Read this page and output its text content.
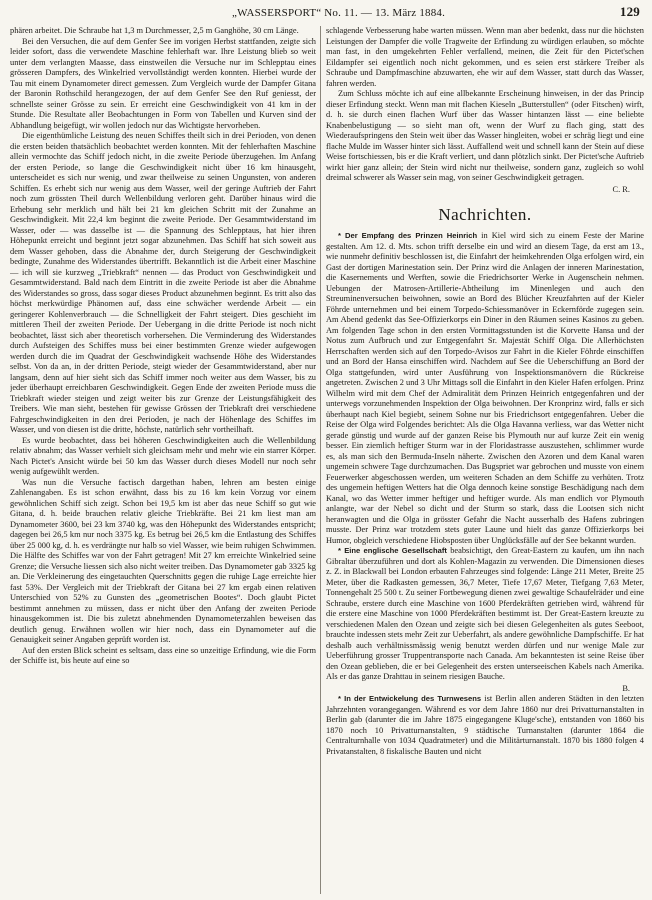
„WASSERSPORT“ No. 11. — 13. März 1884.	129

phären arbeitet. Die Schraube hat 1,3 m Durchmesser, 2,5 m Ganghöhe, 30 cm Länge.

Bei den Versuchen, die auf dem Genfer See im vorigen Herbst stattfanden, zeigte sich leider sofort, dass die verwendete Maschine fehlerhaft war. Ihre Leistung blieb so weit unter dem verlangten Maasse, dass einstweilen die Versuche nur im Schlepptau eines grösseren Dampfers, des Winkelried vervollständigt werden konnten. Hierbei wurde der Tau mit einem Dynamometer direct gemessen. Zum Vergleich wurde der Dampfer Gitana der Baronin Rothschild herangezogen, der auf dem Genfer See den Ruf geniesst, der schnellste seiner Grösse zu sein. Er erreicht eine Geschwindigkeit von 41 km in der Stunde. Die Resultate aller Beobachtungen in Form von Tabellen und Kurven sind der Abhandlung beigefügt, wir wollen jedoch nur das Wichtigste hervorheben.

Die eigenthümliche Leistung des neuen Schiffes theilt sich in drei Perioden, von denen die ersten beiden thatsächlich beobachtet werden konnten. Mit der fehlerhaften Maschine allein vermochte das Schiff jedoch nicht, in die zweite Periode überzugehen. Im Anfang der ersten Periode, so lange die Geschwindigkeit nicht über 16 km hinausgeht, unterscheidet es sich nur wenig, und zwar theilweise zu seinen Ungunsten, von anderen Schiffen. Es erhebt sich nur wenig aus dem Wasser, weil der geringe Auftrieb der Fahrt noch zum grössten Theil durch Wellenbildung verloren geht. Darüber hinaus wird die Erhebung sehr merklich und hält bei 21 km gleichen Schritt mit der Zunahme an Geschwindigkeit. Mit 22,4 km beginnt die zweite Periode. Der Gesammtwiderstand im Wasser, oder — was dasselbe ist — die Spannung des Schlepptaus, hat hier ihren Höhepunkt erreicht und beginnt jetzt sogar abzunehmen. Das Schiff hat sich soweit aus dem Wasser gehoben, dass die Abnahme der, durch Steigerung der Geschwindigkeit bedingte, Zunahme des Widerstandes übertrifft. Bekanntlich ist die Arbeit einer Maschine — ich will sie kurzweg „Triebkraft“ nennen — das Product von Geschwindigkeit und Gesammtwiderstand. Bald nach dem Eintritt in die zweite Periode ist aber die Abnahme des Widerstandes so gross, dass sogar dieses Product abzunehmen beginnt. Es tritt also das höchst merkwürdige Phänomen auf, dass eine schwächer werdende Arbeit — ein geringerer Kohlenverbrauch — die Schnelligkeit der Fahrt steigert. Dies geschieht im mittleren Theil der zweiten Periode. Der Uebergang in die dritte Periode ist noch nicht beobachtet, lässt sich aber theoretisch vorhersehen. Die Verminderung des Widerstandes durch Aufsteigen des Schiffes muss bei einer bestimmten Grenze wieder aufgewogen werden durch die im Quadrat der Geschwindigkeit wachsende Höhe des Widerstandes selbst. Von da an, in der dritten Periode, steigt wieder der Gesammtwiderstand, aber nur langsam, denn auf hier sieht sich das Schiff immer noch weiter aus dem Wasser, bis zu jeder überhaupt erreichbaren Geschwindigkeit. Gegen Ende der zweiten Periode muss die Triebkraft wieder steigen und zeigt weiter bis zur Grenze der Leistungsfähigkeit des Treibers. Wie man sieht, bestehen für gewisse Grössen der Triebkraft drei verschiedene Fahrgeschwindigkeiten in den drei Perioden, je nach der Höhenlage des Schiffes im Wasser, und von diesen ist die dritte, höchste, natürlich sehr vortheilhaft.

Es wurde beobachtet, dass bei höheren Geschwindigkeiten auch die Wellenbildung relativ abnahm; das Wasser verhielt sich gleichsam mehr und mehr wie ein starrer Körper. Nach Pictet's Ansicht würde bei 50 km das Wasser durch dieses Modell nur noch sehr wenig aufgewühlt werden.

Was nun die Versuche factisch dargethan haben, lehren am besten einige Zahlenangaben. Es ist schon erwähnt, dass bis zu 16 km kein Vorzug vor einem gewöhnlichen Schiff sich zeigt. Schon bei 19,5 km ist aber das neue Schiff so gut wie Gitana, d. h. beide brauchen relativ gleiche Triebkräfte. Bei 21 km liest man am Dynamometer 3600, bei 23 km 3740 kg, was den Höhepunkt des Widerstandes entspricht; dagegen bei 26,5 km nur noch 3375 kg. Es betrug bei 26,5 km die Entlastung des Schiffes über 25 000 kg, d. h. es verdrängte nur halb so viel Wasser, wie beim ruhigen Schwimmen. Die Hälfte des Schiffes war von der Fahrt getragen! Mit 27 km erreichte Winkelried seine Grenze; die Versuche liessen sich also nicht weiter treiben. Das Dynamometer gab 3325 kg an. Die Verkleinerung des eingetauchten Querschnitts gegen die ruhige Lage erreichte hier fast 53%. Der Vergleich mit der Triebkraft der Gitana bei 27 km ergab einen relativen Unterschied von 52% zu Gunsten des „geometrischen Bootes“. Doch glaubt Pictet bestimmt annehmen zu müssen, dass er nicht über den Anfang der zweiten Periode hinausgekommen ist. Die bis zuletzt abnehmenden Dynamometerzahlen beweisen das deutlich genug. Erwähnen wollen wir hier noch, dass ein Dynamometer auf die Genauigkeit seiner Angaben geprüft worden ist.

Auf den ersten Blick scheint es seltsam, dass eine so unzeitige Erfindung, wie die Form der Schiffe ist, bis heute auf eine so

schlagende Verbesserung habe warten müssen. Wenn man aber bedenkt, dass nur die höchsten Leistungen der Dampfer die volle Tragweite der Erfindung zu würdigen erlauben, so möchte man fast, in den umgekehrten Fehler verfallend, meinen, die Zeit für den Pictet'schen Eildampfer sei eigentlich noch nicht gekommen, und es seien erst stärkere Treiber als Schraube und Dampfmaschine abzuwarten, ehe wir auf dem Wasser, statt durch das Wasser, fahren werden.

Zum Schluss möchte ich auf eine allbekannte Erscheinung hinweisen, in der das Princip dieser Erfindung steckt. Wenn man mit flachen Kieseln „Butterstullen“ (oder Fitschen) wirft, d. h. sie durch einen flachen Wurf über das Wasser hintanzen lässt — eine beliebte Knabenbelustigung — so sieht man oft, wenn der Wurf zu flach ging, statt des Wiederaufspringens den Stein weit über das Wasser hingleiten, wobei er schräg liegt und eine flache Mulde im Wasser hinter sich lässt. Auffallend weit und schnell kann der Stein auf diese Weise fortschiessen, bis er die Kraft verliert, und dann plötzlich sinkt. Der Pictet'sche Auftrieb wirkt hier ganz allein; der Stein wird nicht nur theilweise, sondern ganz, zugleich so wohl dreimal schwerer als Wasser sein mag, von seiner Geschwindigkeit getragen.

C. R.
Nachrichten.

* Der Empfang des Prinzen Heinrich in Kiel wird sich zu einem Feste der Marine gestalten. Am 12. d. Mts. schon trifft derselbe ein und wird an diesem Tage, da erst am 13., wie nunmehr definitiv beschlossen ist, die Einfahrt der heimkehrenden Olga erfolgen wird, ein Gast der dortigen Marinestation sein. Der Prinz wird die Anlagen der inneren Marinestation, die Kasernements und Werften, sowie die Friedrichsorter Werke in Augenschein nehmen. Uebungen der Matrosen-Artillerie-Abtheilung im Minenlegen und auch den Streuminenversuchen beiwohnen, sowie an Bord des Blücher Kreuzfahrten auf der Kieler Föhrde unternehmen und bei einem Torpedo-Schiessmanöver in Eckernförde zugegen sein. Am Abend gedenkt das See-Offizierkorps ein Diner in den Räumen seines Kasinos zu geben. Am folgenden Tage schon in den ersten Vormittagsstunden ist die Korvette Hansa und der Notus zum Aufbruch und zur Entgegenfahrt Sr. Majestät Schiff Olga. Die Allerhöchsten Herrschaften werden sich auf den Torpedo-Avisos zur Fahrt in die Kieler Föhrde einschiffen und an Bord der Hansa einschiffen wird. Nachdem auf See die Ueberschiffung an Bord der Olga stattgefunden, wird unter Ausführung von Inspektionsmanövern die Rückreise angetreten. Zwischen 2 und 3 Uhr Mittags soll die Einfahrt in den Kieler Hafen erfolgen. Prinz Wilhelm wird mit dem Chef der Admiralität dem Prinzen Heinrich entgegenfahren und der unterwegs vorzunehmenden Inspektion der Olga beiwohnen. Der Kronprinz wird, falls er sich überhaupt nach Kiel begiebt, seinem Sohne nur bis Friedrichsort entgegenfahren. Ueber die Reise der Olga wird Folgendes berichtet: Als die Olga Havanna verliess, war das Wetter nicht gerade günstig und wurde auf der ganzen Reise bis Plymouth nur auf kurze Zeit ein wenig besser. Ein ziemlich heftiger Sturm war in der Floridastrasse auszustehen, schlimmer wurde es, als man sich den Bermuda-Inseln näherte. Zwischen den Azoren und dem Kanal waren ungemein schwere Tage durchzumachen. Das Bugspriet war gebrochen und musste von einem Feuerwerker abgeschossen werden, um weiteren Schaden an dem Schiffe zu verhüten. Trotz des ungemein heftigen Wetters hat die Olga dennoch keine sonstige Beschädigung nach dem Kanal, wo das Wetter immer heftiger und heftiger wurde. Als man endlich vor Plymouth anlangte, war der Nebel so dicht und der Sturm so stark, dass die Lootsen sich nicht heranwagten und die Olga in grösster Gefahr die Nacht ausserhalb des Hafens zubringen musste. Der Prinz war trotzdem stets guter Laune und hielt das ganze Offizierkorps bei Humor, obgleich verschiedene Hiobsposten über Unglücksfälle auf der See bekannt wurden.

* Eine englische Gesellschaft beabsichtigt, den Great-Eastern zu kaufen, um ihn nach Gibraltar überzuführen und dort als Kohlen-Magazin zu verwenden. Die Dimensionen dieses z. Z. in Blackwall bei London erbauten Fahrzeuges sind folgende: Länge 211 Meter, Breite 25 Meter, über die Radkasten gemessen, 36,7 Meter, Tiefe 17,67 Meter, Tiefgang 7,63 Meter, Tonnengehalt 25 500 t. Zu seiner Fortbewegung dienen zwei gewaltige Schaufelräder und eine Schraube, erstere durch eine Maschine von 1600 Pferdekräften getrieben wird, während für die erstere eine Maschine von 1000 Pferdekräften bestimmt ist. Der Great-Eastern kreuzte zu verschiedenen Malen den Ozean und zeigte sich bei diesen Gelegenheiten als gutes Seeboot, brauchte indessen stets mehr Zeit zur Ueberfahrt, als andere gewöhnliche Dampfschiffe. Er hat deshalb auch verhältnissmässig wenig benutzt werden dürfen und nur wenige Male zur Ueberführung grosser Truppentransporte nach Canada. Am bekanntesten ist seine Reise über den Ozean geblieben, die er bei Gelegenheit des ersten unterseeischen Kabels nach Amerika. Als er das ganze Drahttau in seinem riesigen Bauche.

B.

* In der Entwickelung des Turnwesens ist Berlin allen anderen Städten in den letzten Jahrzehnten vorangegangen. Während es vor dem Jahre 1860 nur drei Privatturnanstalten in Berlin gab (darunter die im Jahre 1875 eingegangene Kluge'sche), entstanden von 1860 bis 1870 noch 10 Privatturnanstalten, 9 städtische Turnanstalten (darunter 1864 die Centralturnhalle von 1034 Quadratmeter) und die Militärturnanstalt. 1870 bis 1880 folgen 4 Privatanstalten, 8 fiskalische Bauten und nicht
